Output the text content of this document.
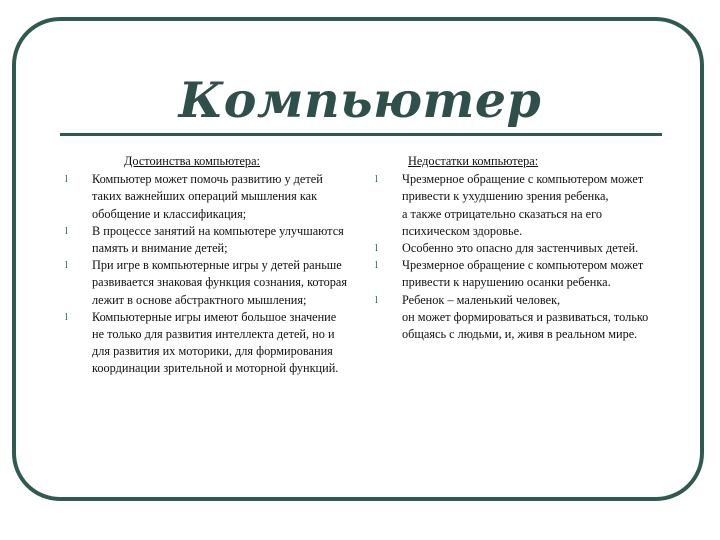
Компьютер
Достоинства компьютера:
l Компьютер может помочь развитию у детей таких важнейших операций мышления как обобщение и классификация;
l В процессе занятий на компьютере улучшаются память и внимание детей;
l При игре в компьютерные игры у детей раньше развивается знаковая функция сознания, которая лежит в основе абстрактного мышления;
l Компьютерные игры имеют большое значение не только для развития интеллекта детей, но и для развития их моторики, для формирования координации зрительной и моторной функций.
Недостатки компьютера:
l Чрезмерное обращение с компьютером может привести к ухудшению зрения ребенка,
а также отрицательно сказаться на его психическом здоровье.
l Особенно это опасно для застенчивых детей.
l Чрезмерное обращение с компьютером может привести к нарушению осанки ребенка.
l Ребенок – маленький человек,
он может формироваться и развиваться, только общаясь с людьми, и, живя в реальном мире.
